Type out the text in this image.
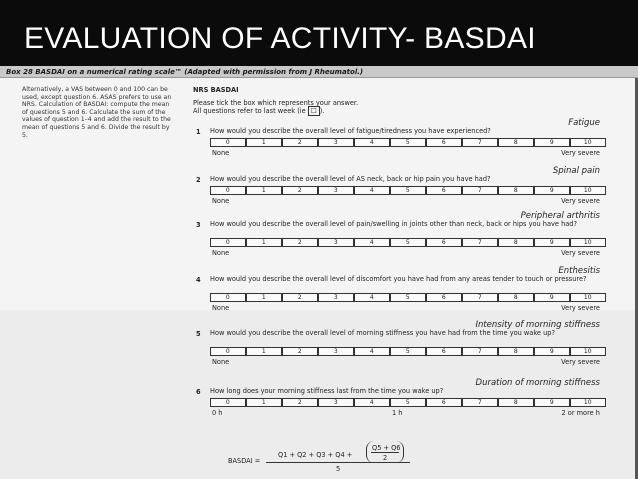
EVALUATION OF ACTIVITY- BASDAI
Box 28 BASDAI on a numerical rating scale™ (Adapted with permission from J Rheumatol.)
Alternatively, a VAS between 0 and 100 can be used, except question 6. ASAS prefers to use an NRS. Calculation of BASDAI: compute the mean of questions 5 and 6. Calculate the sum of the values of question 1–4 and add the result to the mean of questions 5 and 6. Divide the result by 5.
NRS BASDAI
Please tick the box which represents your answer.
All questions refer to last week (ie ☐ ).
Fatigue
1 How would you describe the overall level of fatigue/tiredness you have experienced?
0	1	2	3	4	5	6	7	8	9	10
None	Very severe
Spinal pain
2 How would you describe the overall level of AS neck, back or hip pain you have had?
0	1	2	3	4	5	6	7	8	9	10
None	Very severe
Peripheral arthritis
3 How would you describe the overall level of pain/swelling in joints other than neck, back or hips you have had?
0	1	2	3	4	5	6	7	8	9	10
None	Very severe
Enthesitis
4 How would you describe the overall level of discomfort you have had from any areas tender to touch or pressure?
0	1	2	3	4	5	6	7	8	9	10
None	Very severe
Intensity of morning stiffness
5 How would you describe the overall level of morning stiffness you have had from the time you wake up?
0	1	2	3	4	5	6	7	8	9	10
None	Very severe
Duration of morning stiffness
6 How long does your morning stiffness last from the time you wake up?
0	1	2	3	4	5	6	7	8	9	10
0 h	1 h	2 or more h
BASDAI =
Q1 + Q2 + Q3 + Q4 +
Q5 + Q6
2
5
